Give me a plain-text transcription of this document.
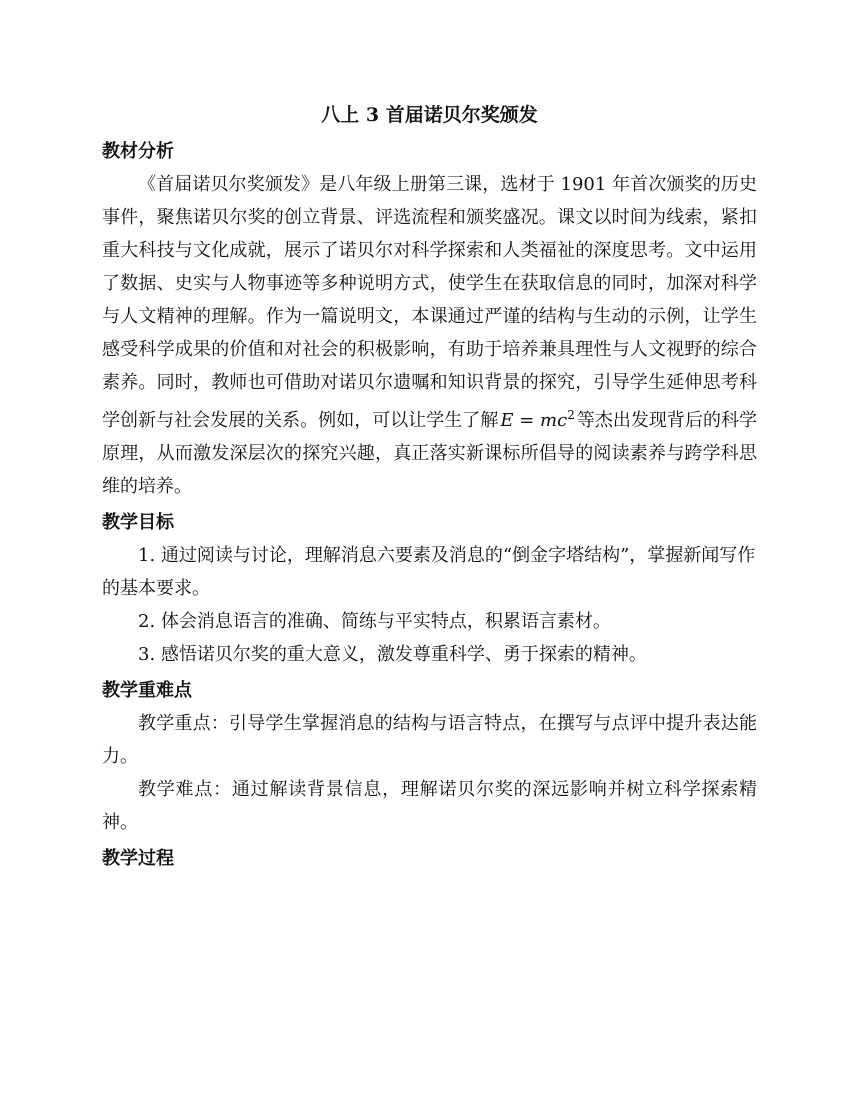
八上 3 首届诺贝尔奖颁发
教材分析

《首届诺贝尔奖颁发》是八年级上册第三课，选材于 1901 年首次颁奖的历史事件，聚焦诺贝尔奖的创立背景、评选流程和颁奖盛况。课文以时间为线索，紧扣重大科技与文化成就，展示了诺贝尔对科学探索和人类福祉的深度思考。文中运用了数据、史实与人物事迹等多种说明方式，使学生在获取信息的同时，加深对科学与人文精神的理解。作为一篇说明文，本课通过严谨的结构与生动的示例，让学生感受科学成果的价值和对社会的积极影响，有助于培养兼具理性与人文视野的综合素养。同时，教师也可借助对诺贝尔遗嘱和知识背景的探究，引导学生延伸思考科学创新与社会发展的关系。例如，可以让学生了解 $E = mc^2$ 等杰出发现背后的科学原理，从而激发深层次的探究兴趣，真正落实新课标所倡导的阅读素养与跨学科思维的培养。

教学目标

1. 通过阅读与讨论，理解消息六要素及消息的“倒金字塔结构”，掌握新闻写作的基本要求。

2. 体会消息语言的准确、简练与平实特点，积累语言素材。

3. 感悟诺贝尔奖的重大意义，激发尊重科学、勇于探索的精神。

教学重难点

教学重点：引导学生掌握消息的结构与语言特点，在撰写与点评中提升表达能力。

教学难点：通过解读背景信息，理解诺贝尔奖的深远影响并树立科学探索精神。

教学过程
